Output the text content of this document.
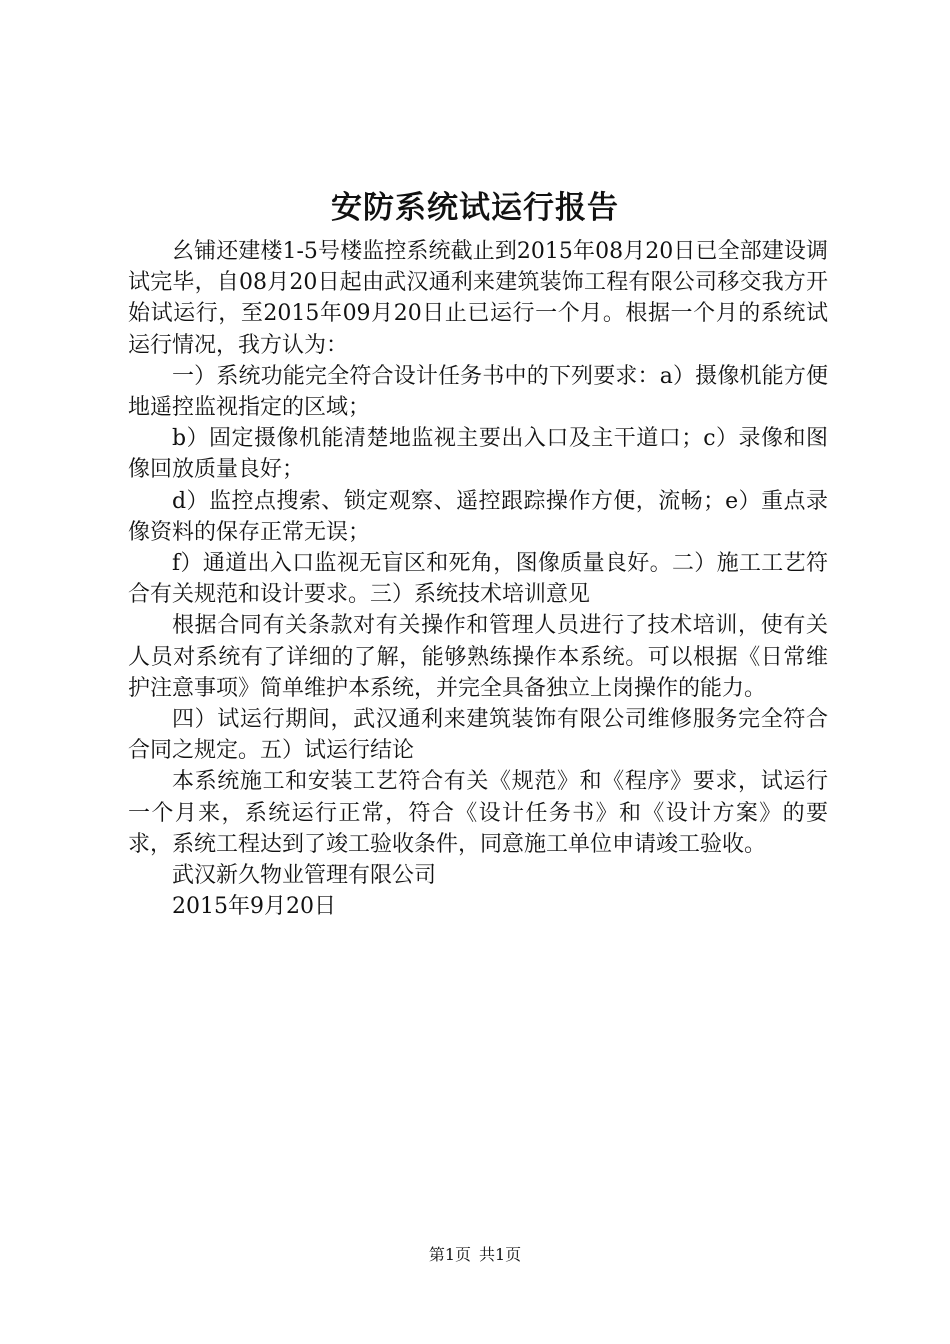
安防系统试运行报告

幺铺还建楼1-5号楼监控系统截止到2015年08月20日已全部建设调试完毕，自08月20日起由武汉通利来建筑装饰工程有限公司移交我方开始试运行，至2015年09月20日止已运行一个月。根据一个月的系统试运行情况，我方认为：

一）系统功能完全符合设计任务书中的下列要求：a）摄像机能方便地遥控监视指定的区域；

b）固定摄像机能清楚地监视主要出入口及主干道口；c）录像和图像回放质量良好；

d）监控点搜索、锁定观察、遥控跟踪操作方便，流畅；e）重点录像资料的保存正常无误；

f）通道出入口监视无盲区和死角，图像质量良好。二）施工工艺符合有关规范和设计要求。三）系统技术培训意见

根据合同有关条款对有关操作和管理人员进行了技术培训，使有关人员对系统有了详细的了解，能够熟练操作本系统。可以根据《日常维护注意事项》简单维护本系统，并完全具备独立上岗操作的能力。

四）试运行期间，武汉通利来建筑装饰有限公司维修服务完全符合合同之规定。五）试运行结论

本系统施工和安装工艺符合有关《规范》和《程序》要求，试运行一个月来，系统运行正常，符合《设计任务书》和《设计方案》的要求，系统工程达到了竣工验收条件，同意施工单位申请竣工验收。

武汉新久物业管理有限公司

2015年9月20日

第1页 共1页
